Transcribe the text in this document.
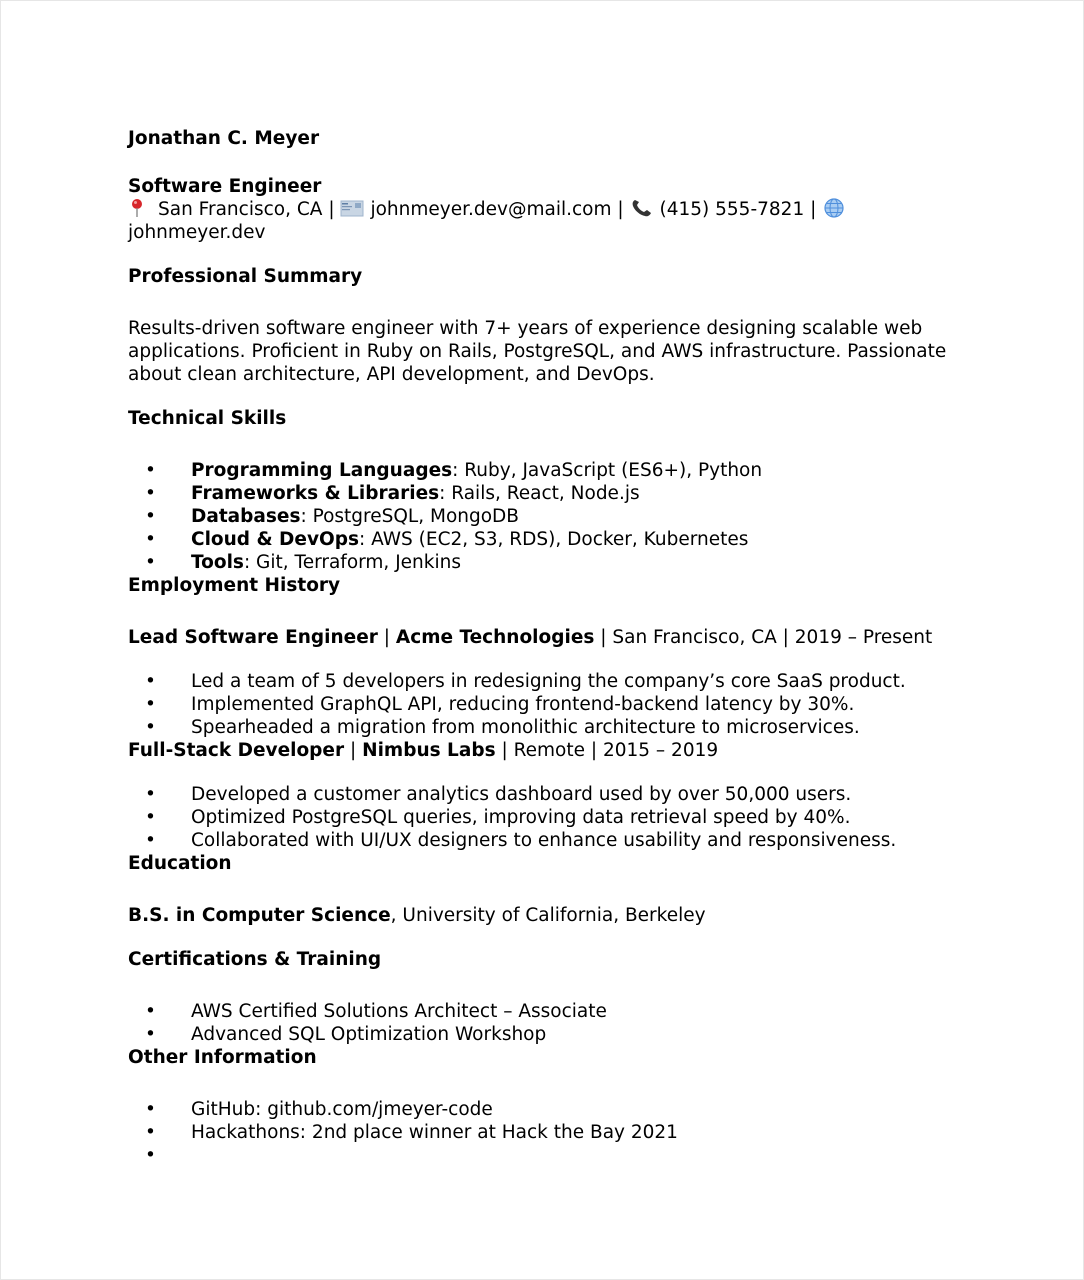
Jonathan C. Meyer
Software Engineer
San Francisco, CA | johnmeyer.dev@mail.com | (415) 555-7821 |
johnmeyer.dev
Professional Summary
Results-driven software engineer with 7+ years of experience designing scalable web applications. Proficient in Ruby on Rails, PostgreSQL, and AWS infrastructure. Passionate about clean architecture, API development, and DevOps.
Technical Skills
• Programming Languages: Ruby, JavaScript (ES6+), Python
• Frameworks & Libraries: Rails, React, Node.js
• Databases: PostgreSQL, MongoDB
• Cloud & DevOps: AWS (EC2, S3, RDS), Docker, Kubernetes
• Tools: Git, Terraform, Jenkins
Employment History
Lead Software Engineer | Acme Technologies | San Francisco, CA | 2019 – Present
• Led a team of 5 developers in redesigning the company’s core SaaS product.
• Implemented GraphQL API, reducing frontend-backend latency by 30%.
• Spearheaded a migration from monolithic architecture to microservices.
Full-Stack Developer | Nimbus Labs | Remote | 2015 – 2019
• Developed a customer analytics dashboard used by over 50,000 users.
• Optimized PostgreSQL queries, improving data retrieval speed by 40%.
• Collaborated with UI/UX designers to enhance usability and responsiveness.
Education
B.S. in Computer Science, University of California, Berkeley
Certifications & Training
• AWS Certified Solutions Architect – Associate
• Advanced SQL Optimization Workshop
Other Information
• GitHub: github.com/jmeyer-code
• Hackathons: 2nd place winner at Hack the Bay 2021
•
